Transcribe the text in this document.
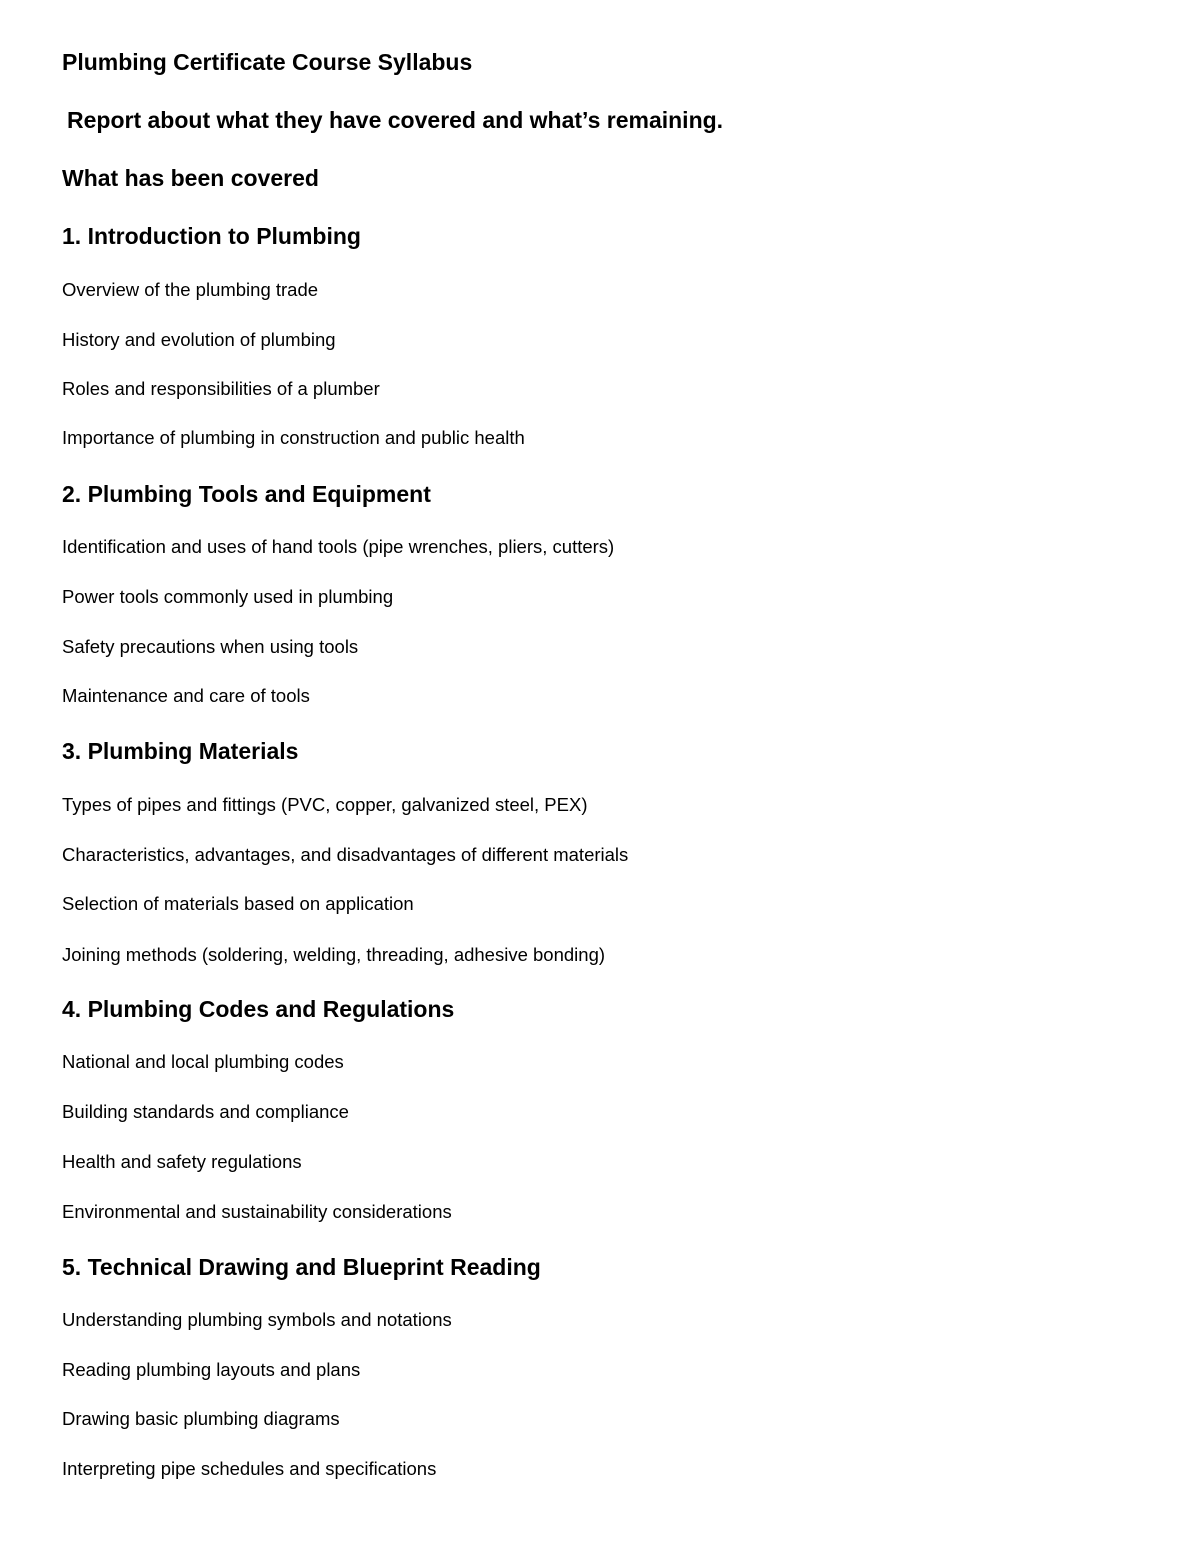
Plumbing Certificate Course Syllabus
Report about what they have covered and what’s remaining.
What has been covered
1. Introduction to Plumbing
Overview of the plumbing trade
History and evolution of plumbing
Roles and responsibilities of a plumber
Importance of plumbing in construction and public health
2. Plumbing Tools and Equipment
Identification and uses of hand tools (pipe wrenches, pliers, cutters)
Power tools commonly used in plumbing
Safety precautions when using tools
Maintenance and care of tools
3. Plumbing Materials
Types of pipes and fittings (PVC, copper, galvanized steel, PEX)
Characteristics, advantages, and disadvantages of different materials
Selection of materials based on application
Joining methods (soldering, welding, threading, adhesive bonding)
4. Plumbing Codes and Regulations
National and local plumbing codes
Building standards and compliance
Health and safety regulations
Environmental and sustainability considerations
5. Technical Drawing and Blueprint Reading
Understanding plumbing symbols and notations
Reading plumbing layouts and plans
Drawing basic plumbing diagrams
Interpreting pipe schedules and specifications
